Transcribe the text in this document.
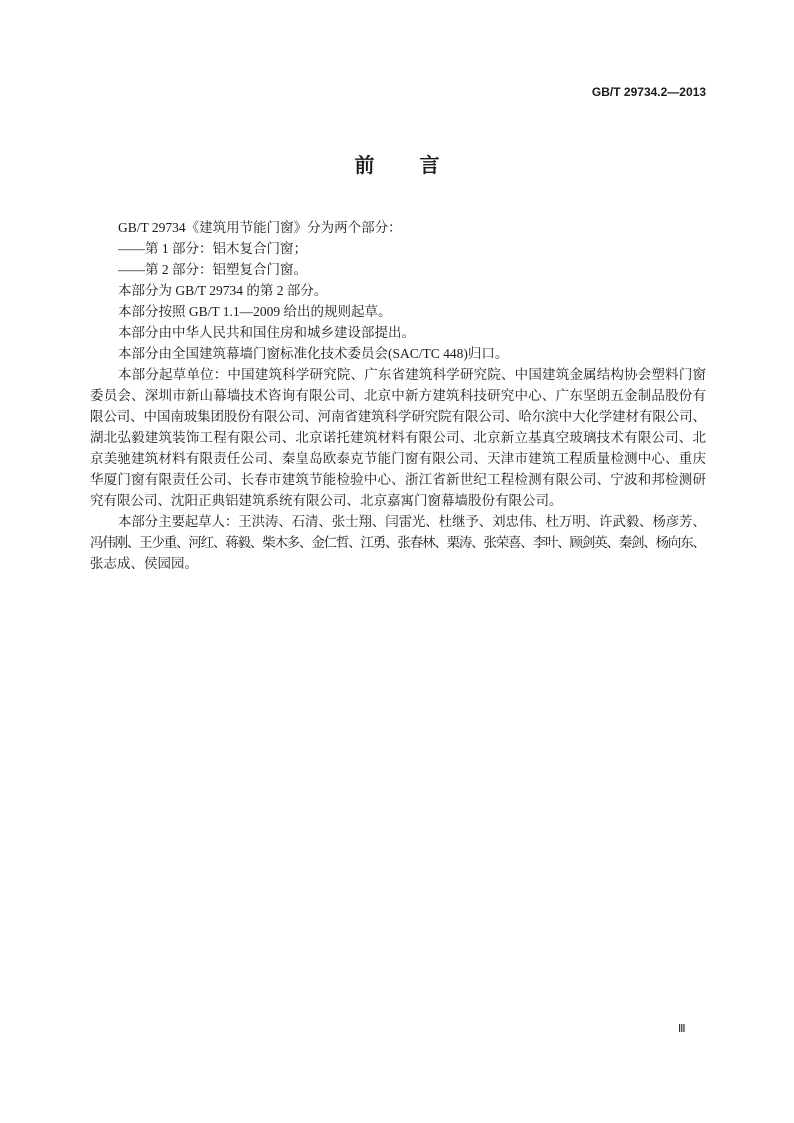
GB/T 29734.2—2013
前 言
GB/T 29734《建筑用节能门窗》分为两个部分：
——第 1 部分：铝木复合门窗；
——第 2 部分：铝塑复合门窗。
本部分为 GB/T 29734 的第 2 部分。
本部分按照 GB/T 1.1—2009 给出的规则起草。
本部分由中华人民共和国住房和城乡建设部提出。
本部分由全国建筑幕墙门窗标准化技术委员会(SAC/TC 448)归口。
本部分起草单位：中国建筑科学研究院、广东省建筑科学研究院、中国建筑金属结构协会塑料门窗
委员会、深圳市新山幕墙技术咨询有限公司、北京中新方建筑科技研究中心、广东坚朗五金制品股份有
限公司、中国南玻集团股份有限公司、河南省建筑科学研究院有限公司、哈尔滨中大化学建材有限公司、
湖北弘毅建筑装饰工程有限公司、北京诺托建筑材料有限公司、北京新立基真空玻璃技术有限公司、北
京美驰建筑材料有限责任公司、秦皇岛欧泰克节能门窗有限公司、天津市建筑工程质量检测中心、重庆
华厦门窗有限责任公司、长春市建筑节能检验中心、浙江省新世纪工程检测有限公司、宁波和邦检测研
究有限公司、沈阳正典铝建筑系统有限公司、北京嘉寓门窗幕墙股份有限公司。
本部分主要起草人：王洪涛、石清、张士翔、闫雷光、杜继予、刘忠伟、杜万明、许武毅、杨彦芳、
冯伟刚、王少重、河红、蒋毅、柴木多、金仁哲、江勇、张春林、栗涛、张荣喜、李叶、顾剑英、秦剑、杨向东、
张志成、侯园园。
Ⅲ
